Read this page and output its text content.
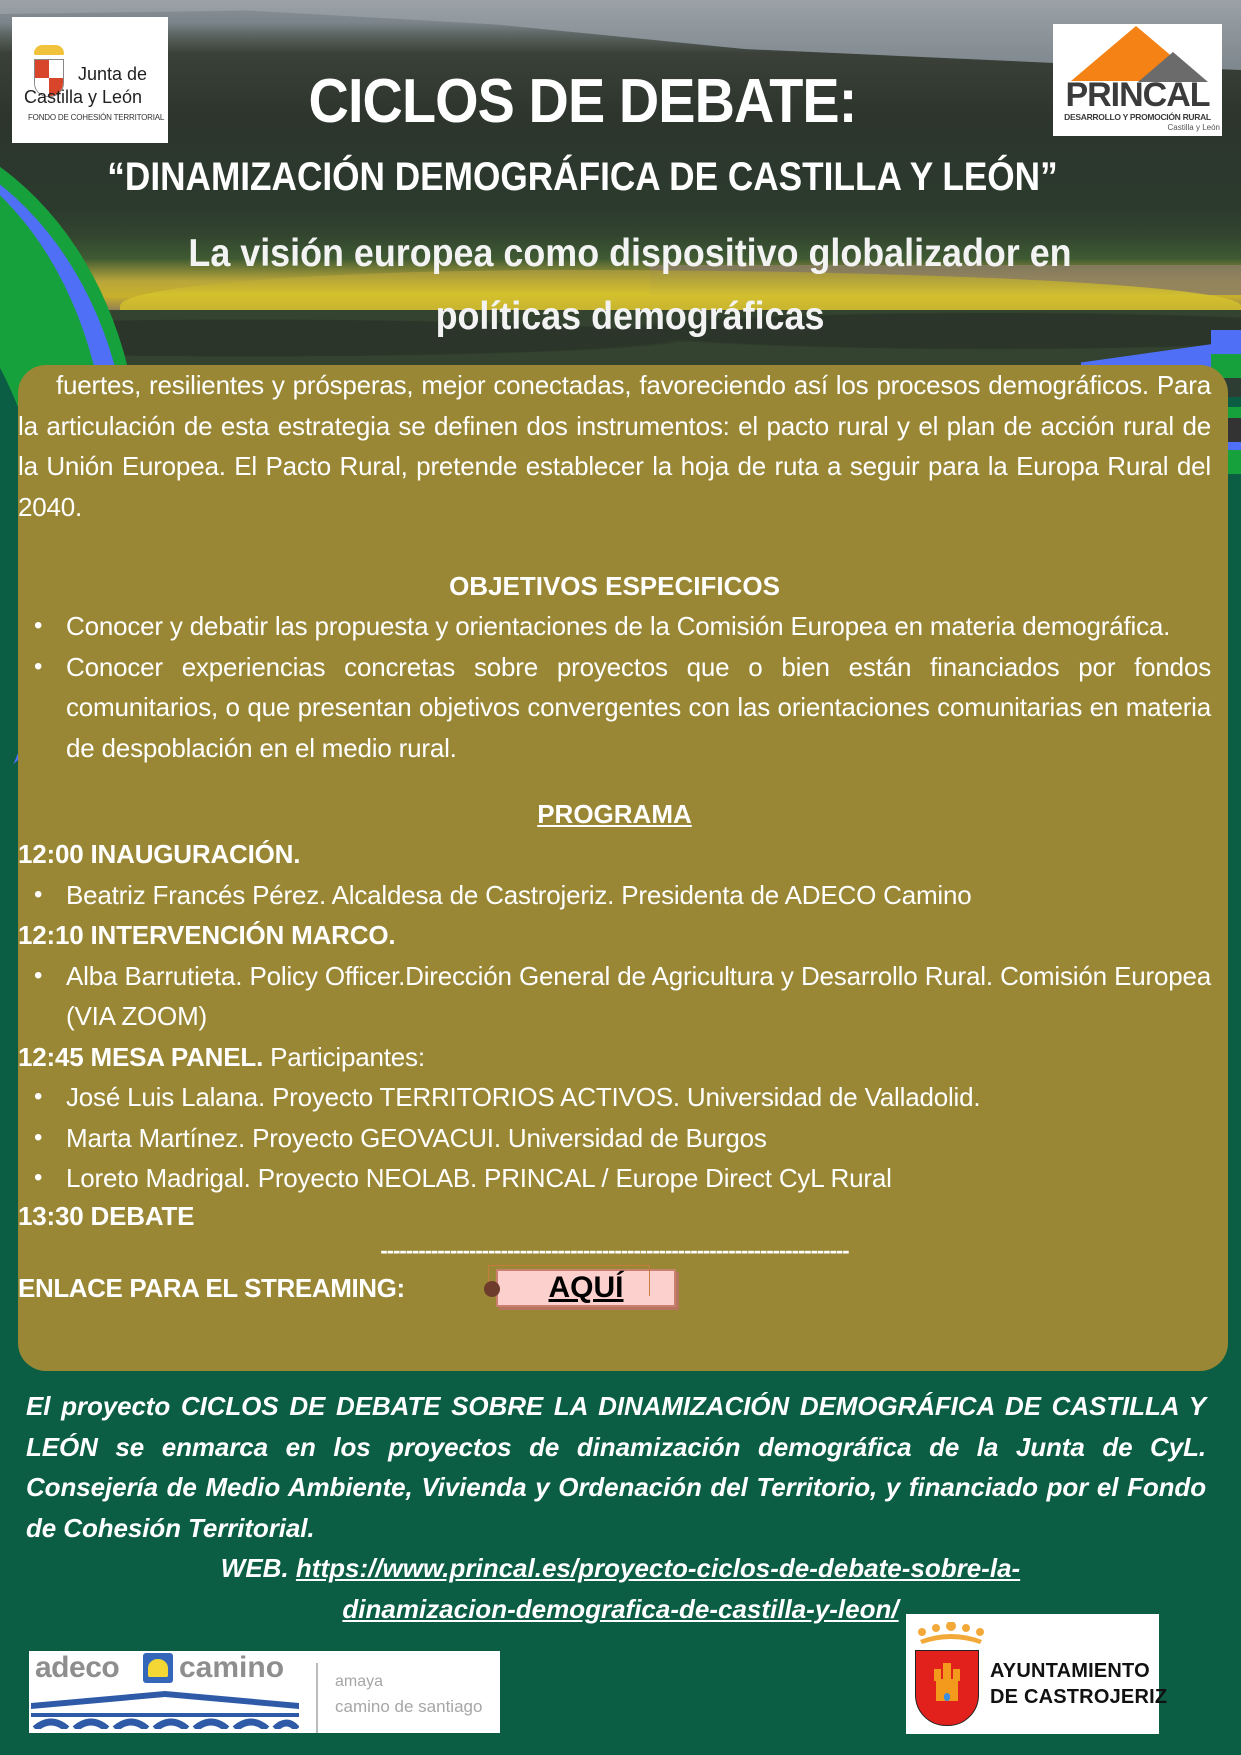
Junta de
Castilla y León
FONDO DE COHESIÓN TERRITORIAL
PRINCAL
DESARROLLO Y PROMOCIÓN RURAL
Castilla y León
CICLOS DE DEBATE:
“DINAMIZACIÓN DEMOGRÁFICA DE CASTILLA Y LEÓN”
La visión europea como dispositivo globalizador en
políticas demográficas

fuertes, resilientes y prósperas, mejor conectadas, favoreciendo así los procesos demográficos. Para la articulación de esta estrategia se definen dos instrumentos: el pacto rural y el plan de acción rural de la Unión Europea. El Pacto Rural, pretende establecer la hoja de ruta a seguir para la Europa Rural del 2040.

OBJETIVOS ESPECIFICOS

• Conocer y debatir las propuesta y orientaciones de la Comisión Europea en materia demográfica.
• Conocer experiencias concretas sobre proyectos que o bien están financiados por fondos comunitarios, o que presentan objetivos convergentes con las orientaciones comunitarias en materia de despoblación en el medio rural.

PROGRAMA

12:00 INAUGURACIÓN.

• Beatriz Francés Pérez. Alcaldesa de Castrojeriz. Presidenta de ADECO Camino

12:10 INTERVENCIÓN MARCO.

• Alba Barrutieta. Policy Officer.Dirección General de Agricultura y Desarrollo Rural. Comisión Europea (VIA ZOOM)

12:45 MESA PANEL. Participantes:

• José Luis Lalana. Proyecto TERRITORIOS ACTIVOS. Universidad de Valladolid.
• Marta Martínez. Proyecto GEOVACUI. Universidad de Burgos
• Loreto Madrigal. Proyecto NEOLAB. PRINCAL / Europe Direct CyL Rural

13:30 DEBATE

--------------------------------------------------------------------------

ENLACE PARA EL STREAMING:	AQUÍ
El proyecto CICLOS DE DEBATE SOBRE LA DINAMIZACIÓN DEMOGRÁFICA DE CASTILLA Y LEÓN se enmarca en los proyectos de dinamización demográfica de la Junta de CyL. Consejería de Medio Ambiente, Vivienda y Ordenación del Territorio, y financiado por el Fondo de Cohesión Territorial.
WEB. https://www.princal.es/proyecto-ciclos-de-debate-sobre-la-dinamizacion-demografica-de-castilla-y-leon/
adeco camino	amaya
camino de santiago
AYUNTAMIENTO
DE CASTROJERIZ
